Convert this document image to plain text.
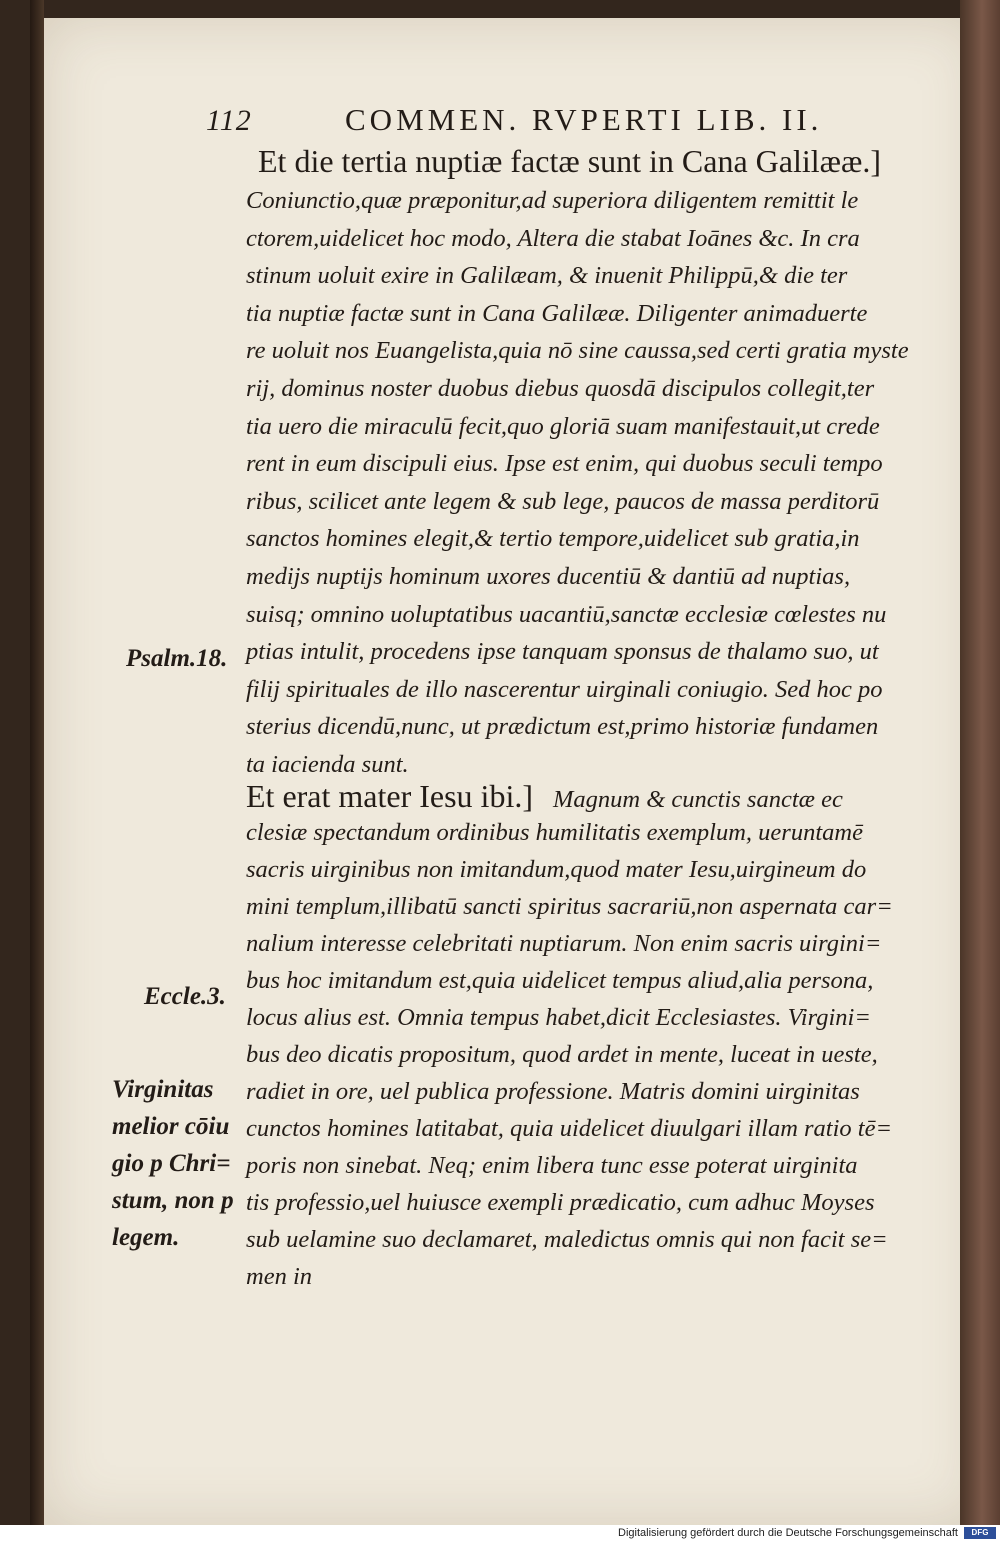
112	COMMEN. RVPERTI LIB. II.
Et die tertia nuptiæ factæ sunt in Cana Galilææ.]
Coniunctio,quæ præponitur,ad superiora diligentem remittit le
ctorem,uidelicet hoc modo, Altera die stabat Ioānes &c. In cra
stinum uoluit exire in Galilæam, & inuenit Philippū,& die ter
tia nuptiæ factæ sunt in Cana Galilææ. Diligenter animaduerte
re uoluit nos Euangelista,quia nō sine caussa,sed certi gratia myste
rij, dominus noster duobus diebus quosdā discipulos collegit,ter
tia uero die miraculū fecit,quo gloriā suam manifestauit,ut crede
rent in eum discipuli eius. Ipse est enim, qui duobus seculi tempo
ribus, scilicet ante legem & sub lege, paucos de massa perditorū
sanctos homines elegit,& tertio tempore,uidelicet sub gratia,in
medijs nuptijs hominum uxores ducentiū & dantiū ad nuptias,
suisq; omnino uoluptatibus uacantiū,sanctæ ecclesiæ cœlestes nu
ptias intulit, procedens ipse tanquam sponsus de thalamo suo, ut
filij spirituales de illo nascerentur uirginali coniugio. Sed hoc po
sterius dicendū,nunc, ut prædictum est,primo historiæ fundamen
ta iacienda sunt.
Et erat mater Iesu ibi.] Magnum & cunctis sanctæ ec
clesiæ spectandum ordinibus humilitatis exemplum, ueruntamē
sacris uirginibus non imitandum,quod mater Iesu,uirgineum do
mini templum,illibatū sancti spiritus sacrariū,non aspernata car=
nalium interesse celebritati nuptiarum. Non enim sacris uirgini=
bus hoc imitandum est,quia uidelicet tempus aliud,alia persona,
locus alius est. Omnia tempus habet,dicit Ecclesiastes. Virgini=
bus deo dicatis propositum, quod ardet in mente, luceat in ueste,
radiet in ore, uel publica professione. Matris domini uirginitas
cunctos homines latitabat, quia uidelicet diuulgari illam ratio tē=
poris non sinebat. Neq; enim libera tunc esse poterat uirginita
tis professio,uel huiusce exempli prædicatio, cum adhuc Moyses
sub uelamine suo declamaret, maledictus omnis qui non facit se=
men in
Psalm.18.
Eccle.3.
Virginitas
melior cōiu
gio p Chri=
stum, non p
legem.
Digitalisierung gefördert durch die Deutsche Forschungsgemeinschaft	DFG
